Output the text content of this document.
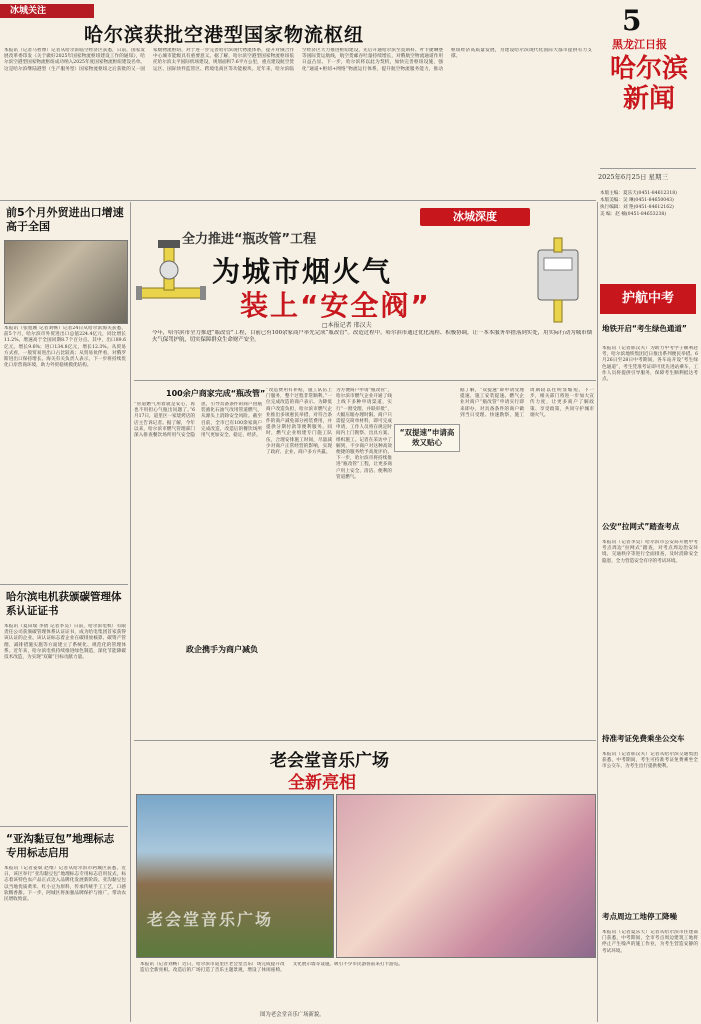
5
黑龙江日报
哈尔滨
新闻
2025年6月25日 星期三
本版主编：夏乐天(0451-84612318)
本版美编：吴 琳(0451-84650043)
执行编辑：刘 艳(0451-84612162)
美 编：赵 楠(0451-84653238)
冰城关注
哈尔滨获批空港型国家物流枢纽
本报讯（记者马智博）记者从哈尔滨临空经济区获悉，日前，国家发展改革委印发《关于做好2025年国家物流枢纽建设工作的通知》，哈尔滨空港型国家物流枢纽成功纳入2025年度国家物流枢纽建设名单。这是哈尔滨继陆港型（生产服务型）国家物流枢纽之后获批的又一国家级物流枢纽，对于进一步完善哈尔滨现代物流体系，提升对俄合作中心城市能级具有重要意义。据了解，哈尔滨空港型国家物流枢纽依托哈尔滨太平国际机场建设，规划面积7.6平方公里，重点建设航空货运区、国际快件监管区、跨境电商区等功能板块。近年来，哈尔滨临空经济区大力推进枢纽建设，先后开通哈尔滨至莫斯科、叶卡捷琳堡等国际货运航线，航空货邮吞吐量持续增长，对俄航空物流通道作用日益凸显。下一步，哈尔滨将以此为契机，加快完善枢纽设施，强化“通道+枢纽+网络”物流运行体系，提升航空物流服务能力，推动枢纽经济高质量发展，为建设哈尔滨现代化国际大都市提供有力支撑。
前5个月外贸进出口增速高于全国
本报讯（张旭刚 记者刘畅）记者24日从哈尔滨海关获悉，前5个月，哈尔滨市外贸进出口总值224.4亿元，同比增长11.2%，增速高于全国同期8.7个百分点。其中，出口89.6亿元，增长9.6%；进口134.8亿元，增长12.3%。从贸易方式看，一般贸易进出口占比较高；从贸易伙伴看，对俄罗斯进出口保持增长。海关有关负责人表示，下一步将持续优化口岸营商环境，助力外贸稳规模优结构。
哈尔滨电机获颁碳管理体系认证证书
本报讯（夏田瑞 李倩 记者李昊）日前，哈尔滨电机厂有限责任公司获颁碳管理体系认证证书，成为哈电集团首家获得该认证的企业。该认证标志着企业在碳排放核算、碳资产管理、减排措施实施等方面建立了系统化、规范化的管理体系。近年来，哈尔滨电机持续推进绿色制造，深化节能降碳技术改造，为实现“双碳”目标贡献力量。
“亚沟黏豆包”地理标志专用标志启用
本报讯（记者姜斌 赵维）记者从哈尔滨市阿城区获悉，近日，该区举行“亚沟黏豆包”地理标志专用标志启用仪式，标志着该特色农产品正式迈入品牌化发展新阶段。亚沟黏豆包以当地优质黄米、红小豆为原料，传承传统手工工艺，口感软糯香甜。下一步，阿城区将加强品牌保护与推广，带动农民增收致富。
冰城深度
全力推进“瓶改管”工程
为城市烟火气
装上“安全阀”
□本报记者 邢汉夫
今年，哈尔滨市全力推进“瓶改管”工程，目前已有100余家商户率先完成“瓶改管”。改造过程中，哈尔滨市通过优化流程、积极协调，让一本本服务举措落到实处，用实际行动为城市烟火气保驾护航，切实保障群众生命财产安全。
100余户商家完成“瓶改管”
“管道燃气用着就是安心，再也不用担心气瓶出问题了。”6月17日，道里区一家烧烤店的店主告诉记者。据了解，今年以来，哈尔滨市燃气管理部门深入排查餐饮场所用气安全隐患，引导具备条件的商户由瓶装液化石油气改用管道燃气，从源头上消除安全风险。截至目前，全市已有100余家商户完成改造，改造后的餐饮场所用气更加安全、稳定、经济。
“改造费用有补贴，施工队伍上门服务，整个过程非常顺利。”一位完成改造的商户表示。为降低商户改造负担，哈尔滨市燃气企业推出多项惠民举措，对符合条件的商户减免部分初装费用，并提供分期付款等便利服务。同时，燃气企业组建专门施工队伍，合理安排施工时间，尽量减少对商户正常经营的影响，实现了政府、企业、商户多方共赢。
“双提速”申请高效又贴心
为方便商户申请“瓶改管”，哈尔滨市燃气企业开通了线上线下多种申请渠道，实行“一窗受理、并联审批”，大幅压缩办理时限。商户只需提交简单材料，即可完成申请，工作人员将在规定时间内上门勘察、出具方案、组织施工。记者在采访中了解到，不少商户对这种高效便捷的服务给予高度评价。下一步，哈尔滨市将持续推进“瓶改管”工程，让更多商户用上安全、清洁、便利的管道燃气。
据了解，“双提速”即申请受理提速、施工安装提速。燃气企业对商户“瓶改管”申请实行即来即办，对具备条件的商户做到当日受理、快速勘察，施工周期较以往明显缩短。下一步，相关部门将进一步加大宣传力度，让更多商户了解政策、享受政策，共同守护城市烟火气。
政企携手为商户减负
老会堂音乐广场
全新亮相
老会堂音乐广场
本报讯（记者刘畅）近日，哈尔滨市道里区老会堂音乐广场完成提升改造后全新亮相。改造后的广场打造了音乐主题景观，增设了休闲座椅、文化展示墙等设施，吸引不少市民游客前来打卡游览。
图为老会堂音乐广场新貌。
护航中考
地铁开启“考生绿色通道”
本报讯（记者邢汉夫）为助力中考学子顺利赴考，哈尔滨地铁集团近日推出系列便民举措。6月26日至28日中考期间，各车站开设“考生绿色通道”，考生凭准考证即可优先进站乘车，工作人员将提供引导服务，保障考生顺利抵达考点。
公安“拉网式”踏查考点
本报讯（记者李昊）哈尔滨市公安局开展中考考点周边“拉网式”踏查，对考点周边治安环境、交通秩序等进行全面排查，及时消除安全隐患，全力营造安全有序的考试环境。
持准考证免费乘坐公交车
本报讯（记者邢汉夫）记者从哈尔滨交通集团获悉，中考期间，考生可持准考证免费乘坐全市公交车，为考生出行提供便利。
考点周边工地停工降噪
本报讯（记者夏乐天）记者从哈尔滨市住建部门获悉，中考期间，全市考点周边建筑工地将停止产生噪声的施工作业，为考生营造安静的考试环境。
